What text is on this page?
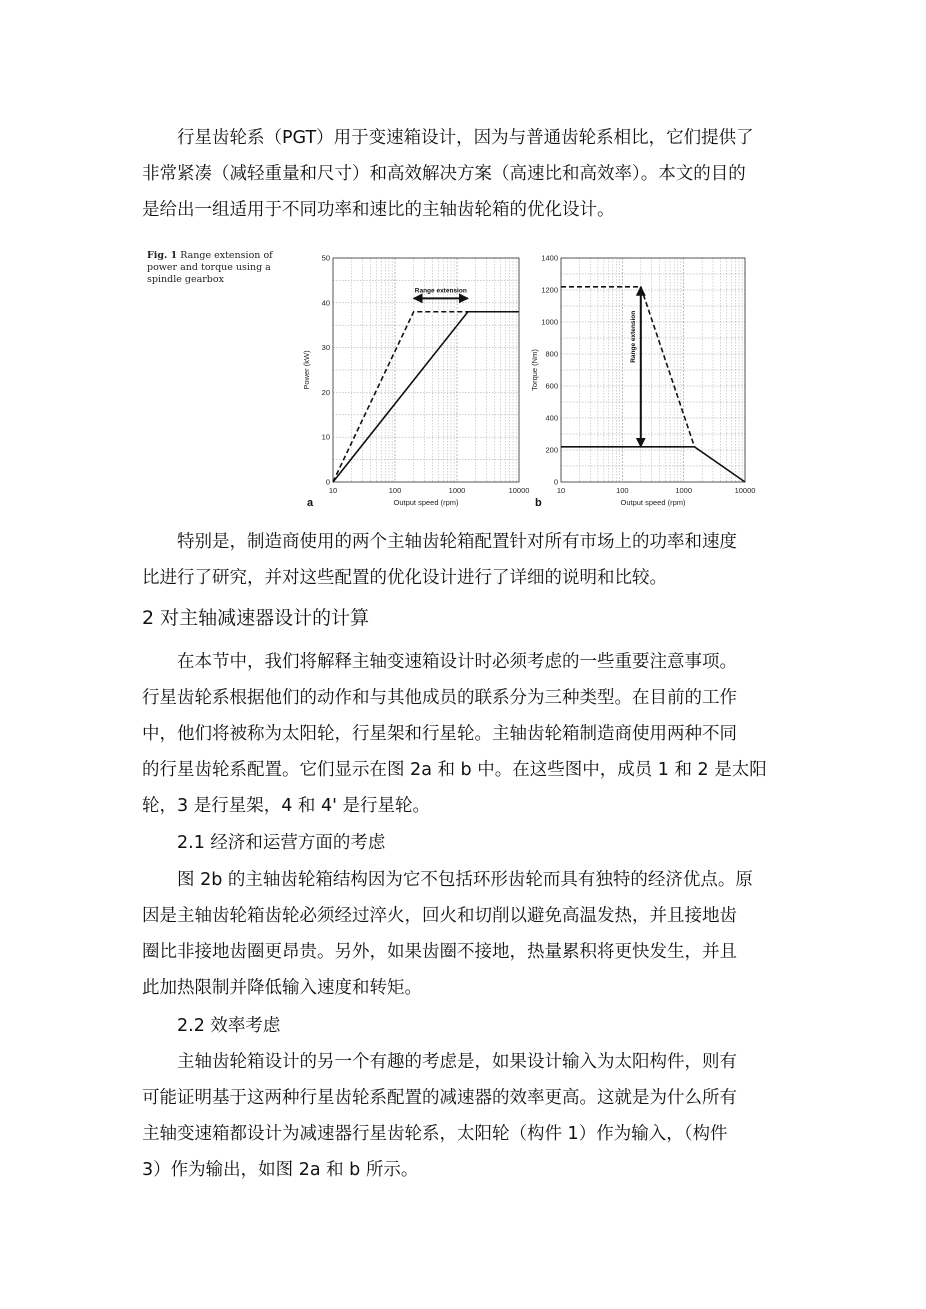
行星齿轮系（PGT）用于变速箱设计，因为与普通齿轮系相比，它们提供了
非常紧凑（减轻重量和尺寸）和高效解决方案（高速比和高效率）。本文的目的
是给出一组适用于不同功率和速比的主轴齿轮箱的优化设计。
Fig. 1 Range extension of power and torque using a spindle gearbox
10	100	1000	10000
0
10
20
30
40
50
Output speed (rpm)
Power (kW)
a
Range extension
10	100	1000	10000
0
200
400
600
800
1000
1200
1400
Output speed (rpm)
Torque (Nm)
b
Range extension
特别是，制造商使用的两个主轴齿轮箱配置针对所有市场上的功率和速度
比进行了研究，并对这些配置的优化设计进行了详细的说明和比较。
2 对主轴减速器设计的计算
在本节中，我们将解释主轴变速箱设计时必须考虑的一些重要注意事项。
行星齿轮系根据他们的动作和与其他成员的联系分为三种类型。在目前的工作
中，他们将被称为太阳轮，行星架和行星轮。主轴齿轮箱制造商使用两种不同
的行星齿轮系配置。它们显示在图 2a 和 b 中。在这些图中，成员 1 和 2 是太阳
轮，3 是行星架，4 和 4' 是行星轮。
2.1 经济和运营方面的考虑
图 2b 的主轴齿轮箱结构因为它不包括环形齿轮而具有独特的经济优点。原
因是主轴齿轮箱齿轮必须经过淬火，回火和切削以避免高温发热，并且接地齿
圈比非接地齿圈更昂贵。另外，如果齿圈不接地，热量累积将更快发生，并且
此加热限制并降低输入速度和转矩。
2.2 效率考虑
主轴齿轮箱设计的另一个有趣的考虑是，如果设计输入为太阳构件，则有
可能证明基于这两种行星齿轮系配置的减速器的效率更高。这就是为什么所有
主轴变速箱都设计为减速器行星齿轮系，太阳轮（构件 1）作为输入，（构件
3）作为输出，如图 2a 和 b 所示。
